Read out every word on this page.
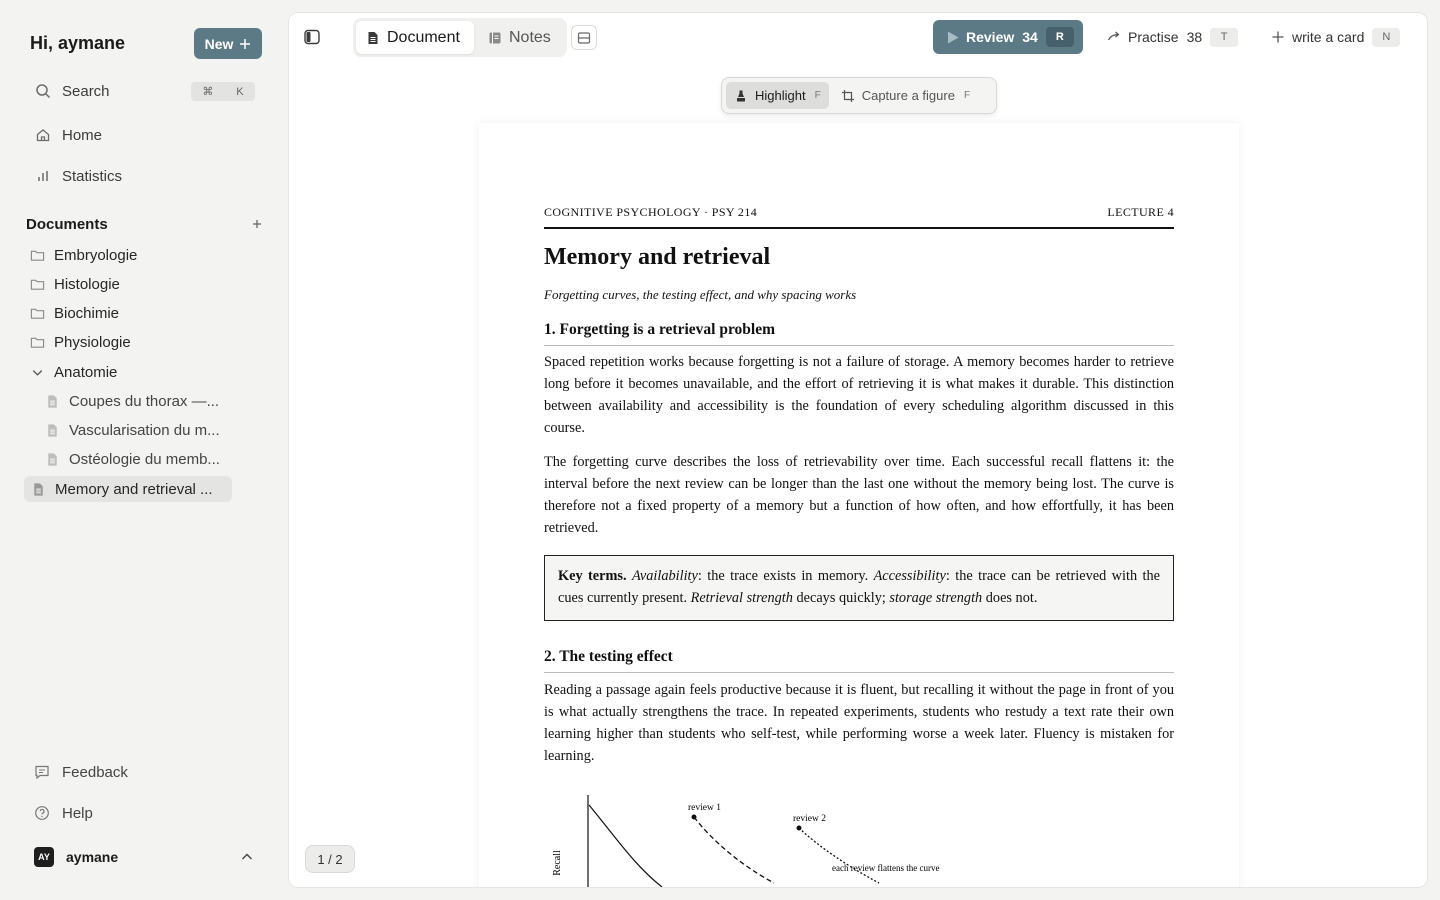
Hi, aymane	New
Search	⌘ K
Home
Statistics
Documents
Embryologie
Histologie
Biochimie
Physiologie
Anatomie
Coupes du thorax —...
Vascularisation du m...
Ostéologie du memb...
Memory and retrieval ...
Feedback
Help
AY aymane
Document	Notes	Review 34	R	Practise 38	T	write a card	N
Highlight F	Capture a figure F
COGNITIVE PSYCHOLOGY · PSY 214	LECTURE 4
Memory and retrieval
Forgetting curves, the testing effect, and why spacing works
1. Forgetting is a retrieval problem

Spaced repetition works because forgetting is not a failure of storage. A memory becomes harder to retrieve long before it becomes unavailable, and the effort of retrieving it is what makes it durable. This distinction between availability and accessibility is the foundation of every scheduling algorithm discussed in this course.

The forgetting curve describes the loss of retrievability over time. Each successful recall flattens it: the interval before the next review can be longer than the last one without the memory being lost. The curve is therefore not a fixed property of a memory but a function of how often, and how effortfully, it has been retrieved.

Key terms. Availability: the trace exists in memory. Accessibility: the trace can be retrieved with the cues currently present. Retrieval strength decays quickly; storage strength does not.
2. The testing effect

Reading a passage again feels productive because it is fluent, but recalling it without the page in front of you is what actually strengthens the trace. In repeated experiments, students who restudy a text rate their own learning higher than students who self-test, while performing worse a week later. Fluency is mistaken for learning.

Recall
review 1
review 2
each review flattens the curve
1 / 2
